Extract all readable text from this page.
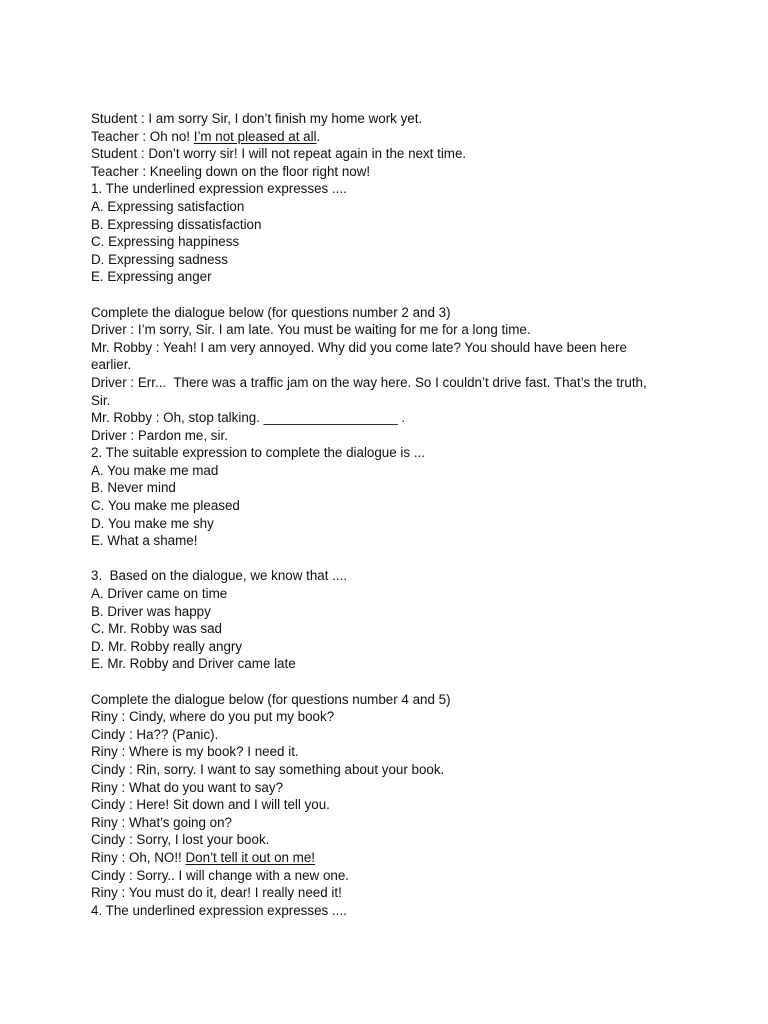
Student : I am sorry Sir, I don’t finish my home work yet.
Teacher : Oh no! I’m not pleased at all.
Student : Don’t worry sir! I will not repeat again in the next time.
Teacher : Kneeling down on the floor right now!
1. The underlined expression expresses ....
A. Expressing satisfaction
B. Expressing dissatisfaction
C. Expressing happiness
D. Expressing sadness
E. Expressing anger
Complete the dialogue below (for questions number 2 and 3)
Driver : I’m sorry, Sir. I am late. You must be waiting for me for a long time.
Mr. Robby : Yeah! I am very annoyed. Why did you come late? You should have been here
earlier.
Driver : Err...  There was a traffic jam on the way here. So I couldn’t drive fast. That’s the truth,
Sir.
Mr. Robby : Oh, stop talking. __________________ .
Driver : Pardon me, sir.
2. The suitable expression to complete the dialogue is ...
A. You make me mad
B. Never mind
C. You make me pleased
D. You make me shy
E. What a shame!
3.  Based on the dialogue, we know that ....
A. Driver came on time
B. Driver was happy
C. Mr. Robby was sad
D. Mr. Robby really angry
E. Mr. Robby and Driver came late
Complete the dialogue below (for questions number 4 and 5)
Riny : Cindy, where do you put my book?
Cindy : Ha?? (Panic).
Riny : Where is my book? I need it.
Cindy : Rin, sorry. I want to say something about your book.
Riny : What do you want to say?
Cindy : Here! Sit down and I will tell you.
Riny : What's going on?
Cindy : Sorry, I lost your book.
Riny : Oh, NO!! Don’t tell it out on me!
Cindy : Sorry.. I will change with a new one.
Riny : You must do it, dear! I really need it!
4. The underlined expression expresses ....
